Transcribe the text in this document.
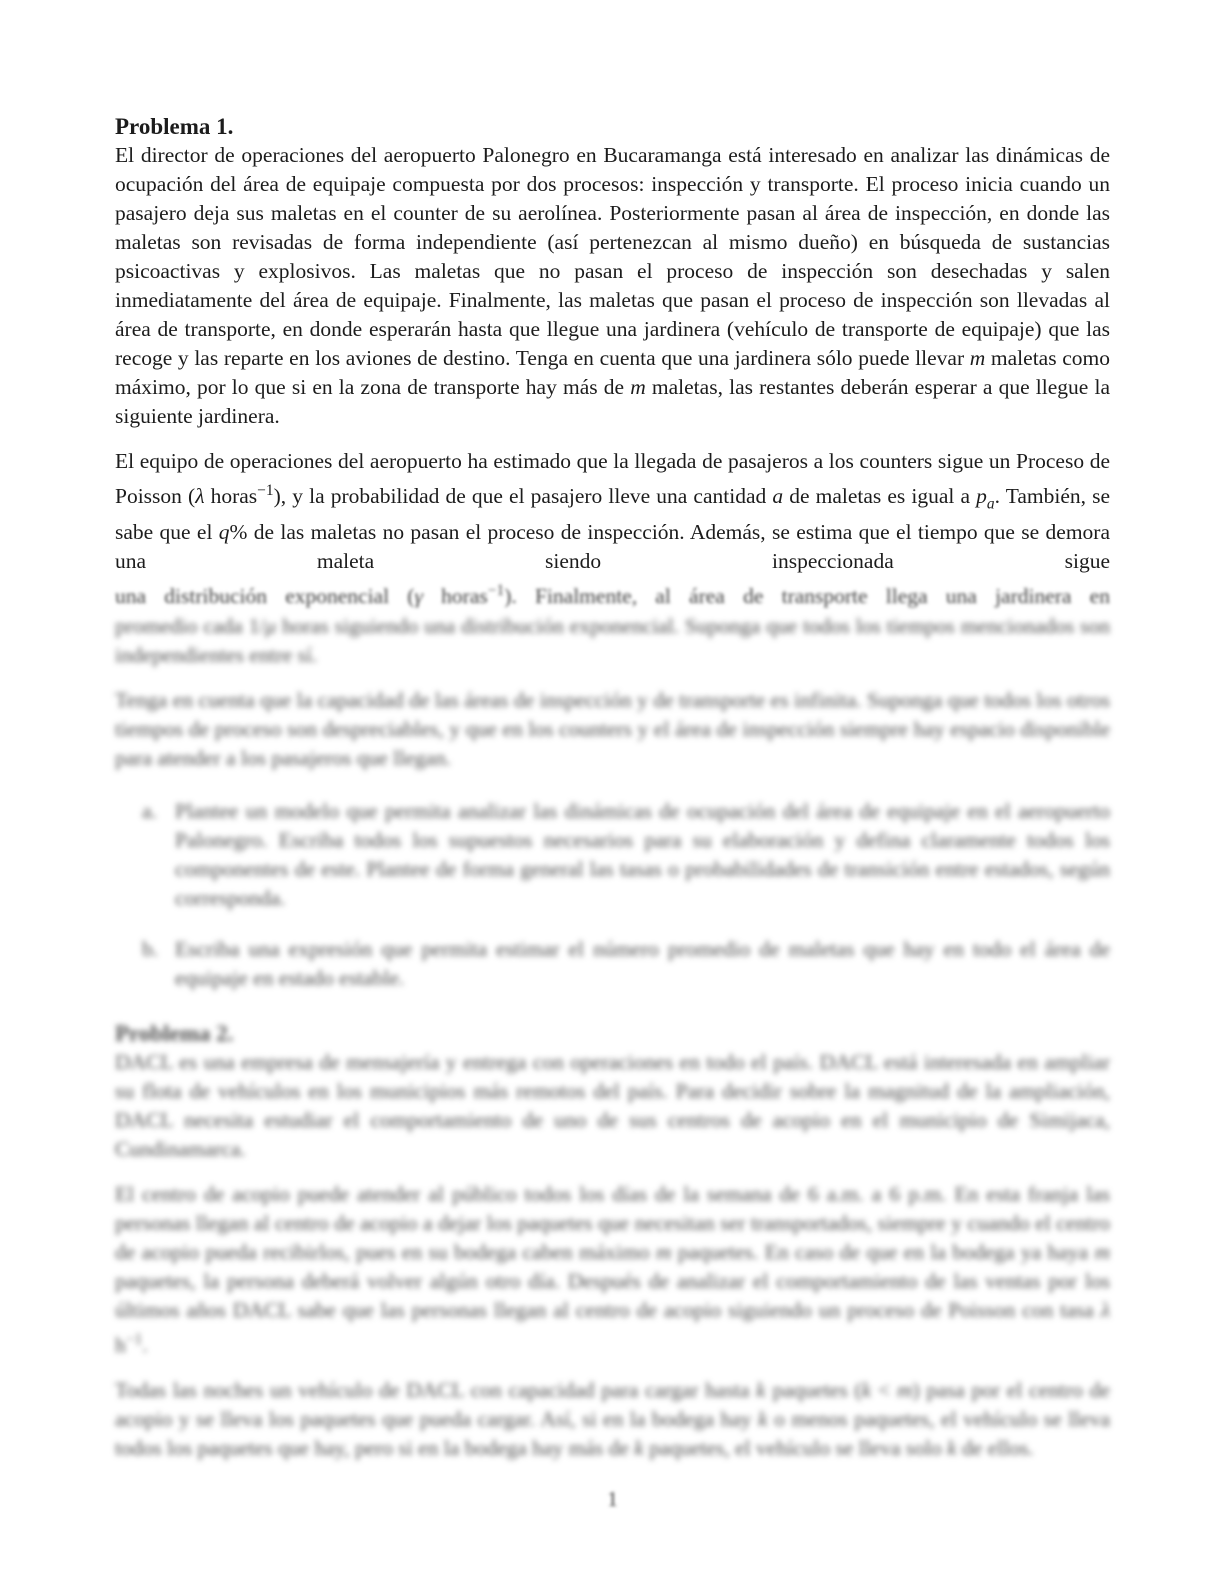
Problema 1.
El director de operaciones del aeropuerto Palonegro en Bucaramanga está interesado en analizar las dinámicas de ocupación del área de equipaje compuesta por dos procesos: inspección y transporte. El proceso inicia cuando un pasajero deja sus maletas en el counter de su aerolínea. Posteriormente pasan al área de inspección, en donde las maletas son revisadas de forma independiente (así pertenezcan al mismo dueño) en búsqueda de sustancias psicoactivas y explosivos. Las maletas que no pasan el proceso de inspección son desechadas y salen inmediatamente del área de equipaje. Finalmente, las maletas que pasan el proceso de inspección son llevadas al área de transporte, en donde esperarán hasta que llegue una jardinera (vehículo de transporte de equipaje) que las recoge y las reparte en los aviones de destino. Tenga en cuenta que una jardinera sólo puede llevar m maletas como máximo, por lo que si en la zona de transporte hay más de m maletas, las restantes deberán esperar a que llegue la siguiente jardinera.
El equipo de operaciones del aeropuerto ha estimado que la llegada de pasajeros a los counters sigue un Proceso de Poisson (λ horas$^{-1}$), y la probabilidad de que el pasajero lleve una cantidad a de maletas es igual a $p_a$. También, se sabe que el q% de las maletas no pasan el proceso de inspección. Además, se estima que el tiempo que se demora una maleta siendo inspeccionada sigue
una distribución exponencial (γ horas$^{-1}$). Finalmente, al área de transporte llega una jardinera en
promedio cada 1/μ horas siguiendo una distribución exponencial. Suponga que todos los tiempos mencionados son independientes entre sí.
Tenga en cuenta que la capacidad de las áreas de inspección y de transporte es infinita. Suponga que todos los otros tiempos de proceso son despreciables, y que en los counters y el área de inspección siempre hay espacio disponible para atender a los pasajeros que llegan.
a. Plantee un modelo que permita analizar las dinámicas de ocupación del área de equipaje en el aeropuerto Palonegro. Escriba todos los supuestos necesarios para su elaboración y defina claramente todos los componentes de este. Plantee de forma general las tasas o probabilidades de transición entre estados, según corresponda.
b. Escriba una expresión que permita estimar el número promedio de maletas que hay en todo el área de equipaje en estado estable.
Problema 2.
DACL es una empresa de mensajería y entrega con operaciones en todo el país. DACL está interesada en ampliar su flota de vehículos en los municipios más remotos del país. Para decidir sobre la magnitud de la ampliación, DACL necesita estudiar el comportamiento de uno de sus centros de acopio en el municipio de Simijaca, Cundinamarca.
El centro de acopio puede atender al público todos los días de la semana de 6 a.m. a 6 p.m. En esta franja las personas llegan al centro de acopio a dejar los paquetes que necesitan ser transportados, siempre y cuando el centro de acopio pueda recibirlos, pues en su bodega caben máximo m paquetes. En caso de que en la bodega ya haya m paquetes, la persona deberá volver algún otro día. Después de analizar el comportamiento de las ventas por los últimos años DACL sabe que las personas llegan al centro de acopio siguiendo un proceso de Poisson con tasa λ $h^{-1}$.
Todas las noches un vehículo de DACL con capacidad para cargar hasta k paquetes (k < m) pasa por el centro de acopio y se lleva los paquetes que pueda cargar. Así, si en la bodega hay k o menos paquetes, el vehículo se lleva todos los paquetes que hay, pero si en la bodega hay más de k paquetes, el vehículo se lleva solo k de ellos.
1
